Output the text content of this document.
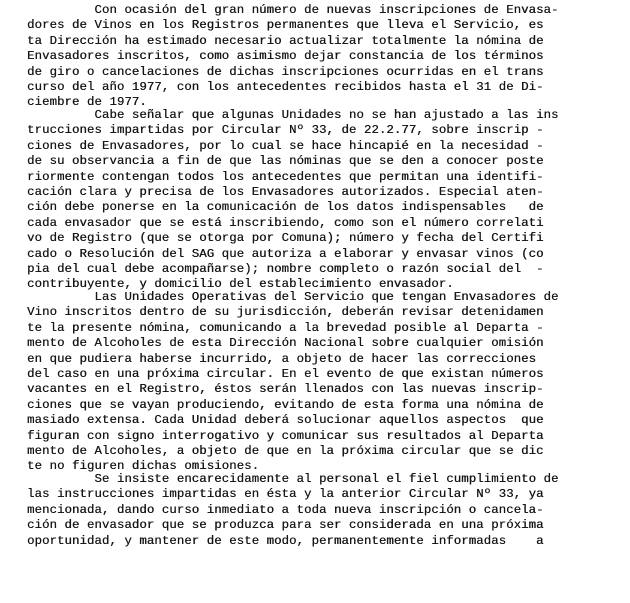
Con ocasión del gran número de nuevas inscripciones de Envasa-
dores de Vinos en los Registros permanentes que lleva el Servicio, es
ta Dirección ha estimado necesario actualizar totalmente la nómina de
Envasadores inscritos, como asimismo dejar constancia de los términos
de giro o cancelaciones de dichas inscripciones ocurridas en el trans
curso del año 1977, con los antecedentes recibidos hasta el 31 de Di-
ciembre de 1977.
Cabe señalar que algunas Unidades no se han ajustado a las ins
trucciones impartidas por Circular Nº 33, de 22.2.77, sobre inscrip -
ciones de Envasadores, por lo cual se hace hincapié en la necesidad -
de su observancia a fin de que las nóminas que se den a conocer poste
riormente contengan todos los antecedentes que permitan una identifi-
cación clara y precisa de los Envasadores autorizados. Especial aten-
ción debe ponerse en la comunicación de los datos indispensables   de
cada envasador que se está inscribiendo, como son el número correlati
vo de Registro (que se otorga por Comuna); número y fecha del Certifi
cado o Resolución del SAG que autoriza a elaborar y envasar vinos (co
pia del cual debe acompañarse); nombre completo o razón social del  -
contribuyente, y domicilio del establecimiento envasador.
Las Unidades Operativas del Servicio que tengan Envasadores de
Vino inscritos dentro de su jurisdicción, deberán revisar detenidamen
te la presente nómina, comunicando a la brevedad posible al Departa -
mento de Alcoholes de esta Dirección Nacional sobre cualquier omisión
en que pudiera haberse incurrido, a objeto de hacer las correcciones
del caso en una próxima circular. En el evento de que existan números
vacantes en el Registro, éstos serán llenados con las nuevas inscrip-
ciones que se vayan produciendo, evitando de esta forma una nómina de
masiado extensa. Cada Unidad deberá solucionar aquellos aspectos  que
figuran con signo interrogativo y comunicar sus resultados al Departa
mento de Alcoholes, a objeto de que en la próxima circular que se dic
te no figuren dichas omisiones.
Se insiste encarecidamente al personal el fiel cumplimiento de
las instrucciones impartidas en ésta y la anterior Circular Nº 33, ya
mencionada, dando curso inmediato a toda nueva inscripción o cancela-
ción de envasador que se produzca para ser considerada en una próxima
oportunidad, y mantener de este modo, permanentemente informadas    a
